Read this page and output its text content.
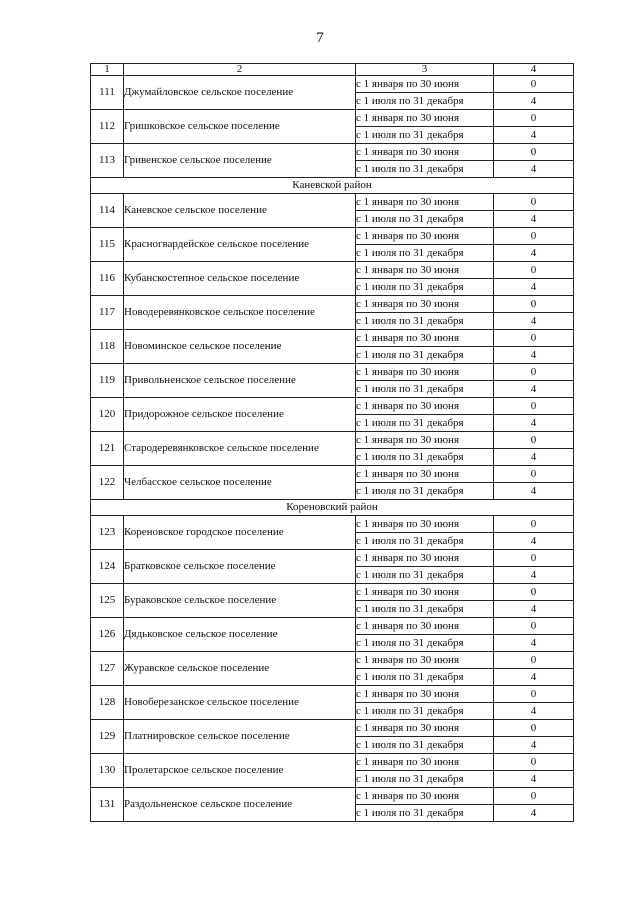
7
1	2	3	4
111	Джумайловское сельское поселение	с 1 января по 30 июня	0
		с 1 июля по 31 декабря	4
112	Гришковское сельское поселение	с 1 января по 30 июня	0
		с 1 июля по 31 декабря	4
113	Гривенское сельское поселение	с 1 января по 30 июня	0
		с 1 июля по 31 декабря	4
Каневской район			
114	Каневское сельское поселение	с 1 января по 30 июня	0
		с 1 июля по 31 декабря	4
115	Красногвардейское сельское поселение	с 1 января по 30 июня	0
		с 1 июля по 31 декабря	4
116	Кубанскостепное сельское поселение	с 1 января по 30 июня	0
		с 1 июля по 31 декабря	4
117	Новодеревянковское сельское поселение	с 1 января по 30 июня	0
		с 1 июля по 31 декабря	4
118	Новоминское сельское поселение	с 1 января по 30 июня	0
		с 1 июля по 31 декабря	4
119	Привольненское сельское поселение	с 1 января по 30 июня	0
		с 1 июля по 31 декабря	4
120	Придорожное сельское поселение	с 1 января по 30 июня	0
		с 1 июля по 31 декабря	4
121	Стародеревянковское сельское поселение	с 1 января по 30 июня	0
		с 1 июля по 31 декабря	4
122	Челбасское сельское поселение	с 1 января по 30 июня	0
		с 1 июля по 31 декабря	4
Кореновский район			
123	Кореновское городское поселение	с 1 января по 30 июня	0
		с 1 июля по 31 декабря	4
124	Братковское сельское поселение	с 1 января по 30 июня	0
		с 1 июля по 31 декабря	4
125	Бураковское сельское поселение	с 1 января по 30 июня	0
		с 1 июля по 31 декабря	4
126	Дядьковское сельское поселение	с 1 января по 30 июня	0
		с 1 июля по 31 декабря	4
127	Журавское сельское поселение	с 1 января по 30 июня	0
		с 1 июля по 31 декабря	4
128	Новоберезанское сельское поселение	с 1 января по 30 июня	0
		с 1 июля по 31 декабря	4
129	Платнировское сельское поселение	с 1 января по 30 июня	0
		с 1 июля по 31 декабря	4
130	Пролетарское сельское поселение	с 1 января по 30 июня	0
		с 1 июля по 31 декабря	4
131	Раздольненское сельское поселение	с 1 января по 30 июня	0
		с 1 июля по 31 декабря	4
